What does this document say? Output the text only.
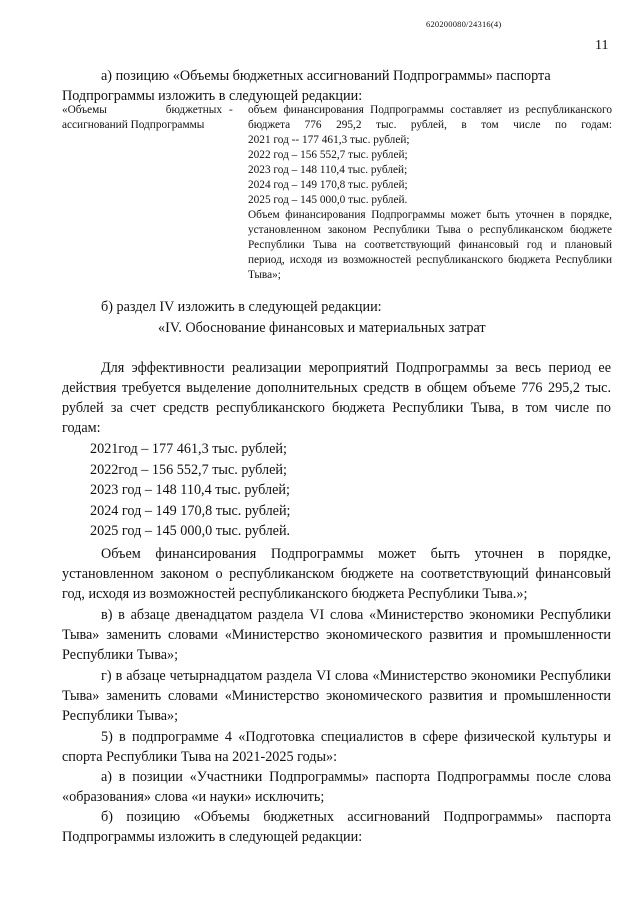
620200080/24316(4)
11

а) позицию «Объемы бюджетных ассигнований Подпрограммы» паспорта Подпрограммы изложить в следующей редакции:

«Объемы бюджетных ассигнований Подпрограммы
- объем финансирования Подпрограммы составляет из республиканского бюджета 776 295,2 тыс. рублей, в том числе по годам:
2021 год -- 177 461,3 тыс. рублей;
2022 год – 156 552,7 тыс. рублей;
2023 год – 148 110,4 тыс. рублей;
2024 год – 149 170,8 тыс. рублей;
2025 год – 145 000,0 тыс. рублей.
Объем финансирования Подпрограммы может быть уточнен в порядке, установленном законом Республики Тыва о республиканском бюджете Республики Тыва на соответствующий финансовый год и плановый период, исходя из возможностей республиканского бюджета Республики Тыва»;

б) раздел IV изложить в следующей редакции:

«IV. Обоснование финансовых и материальных затрат

Для эффективности реализации мероприятий Подпрограммы за весь период ее действия требуется выделение дополнительных средств в общем объеме 776 295,2 тыс. рублей за счет средств республиканского бюджета Республики Тыва, в том числе по годам:

2021год – 177 461,3 тыс. рублей;
2022год – 156 552,7 тыс. рублей;
2023 год – 148 110,4 тыс. рублей;
2024 год – 149 170,8 тыс. рублей;
2025 год – 145 000,0 тыс. рублей.

Объем финансирования Подпрограммы может быть уточнен в порядке, установленном законом о республиканском бюджете на соответствующий финансовый год, исходя из возможностей республиканского бюджета Республики Тыва.»;

в) в абзаце двенадцатом раздела VI слова «Министерство экономики Республики Тыва» заменить словами «Министерство экономического развития и промышленности Республики Тыва»;

г) в абзаце четырнадцатом раздела VI слова «Министерство экономики Республики Тыва» заменить словами «Министерство экономического развития и промышленности Республики Тыва»;

5) в подпрограмме 4 «Подготовка специалистов в сфере физической культуры и спорта Республики Тыва на 2021-2025 годы»:

а) в позиции «Участники Подпрограммы» паспорта Подпрограммы после слова «образования» слова «и науки» исключить;

б) позицию «Объемы бюджетных ассигнований Подпрограммы» паспорта Подпрограммы изложить в следующей редакции:
